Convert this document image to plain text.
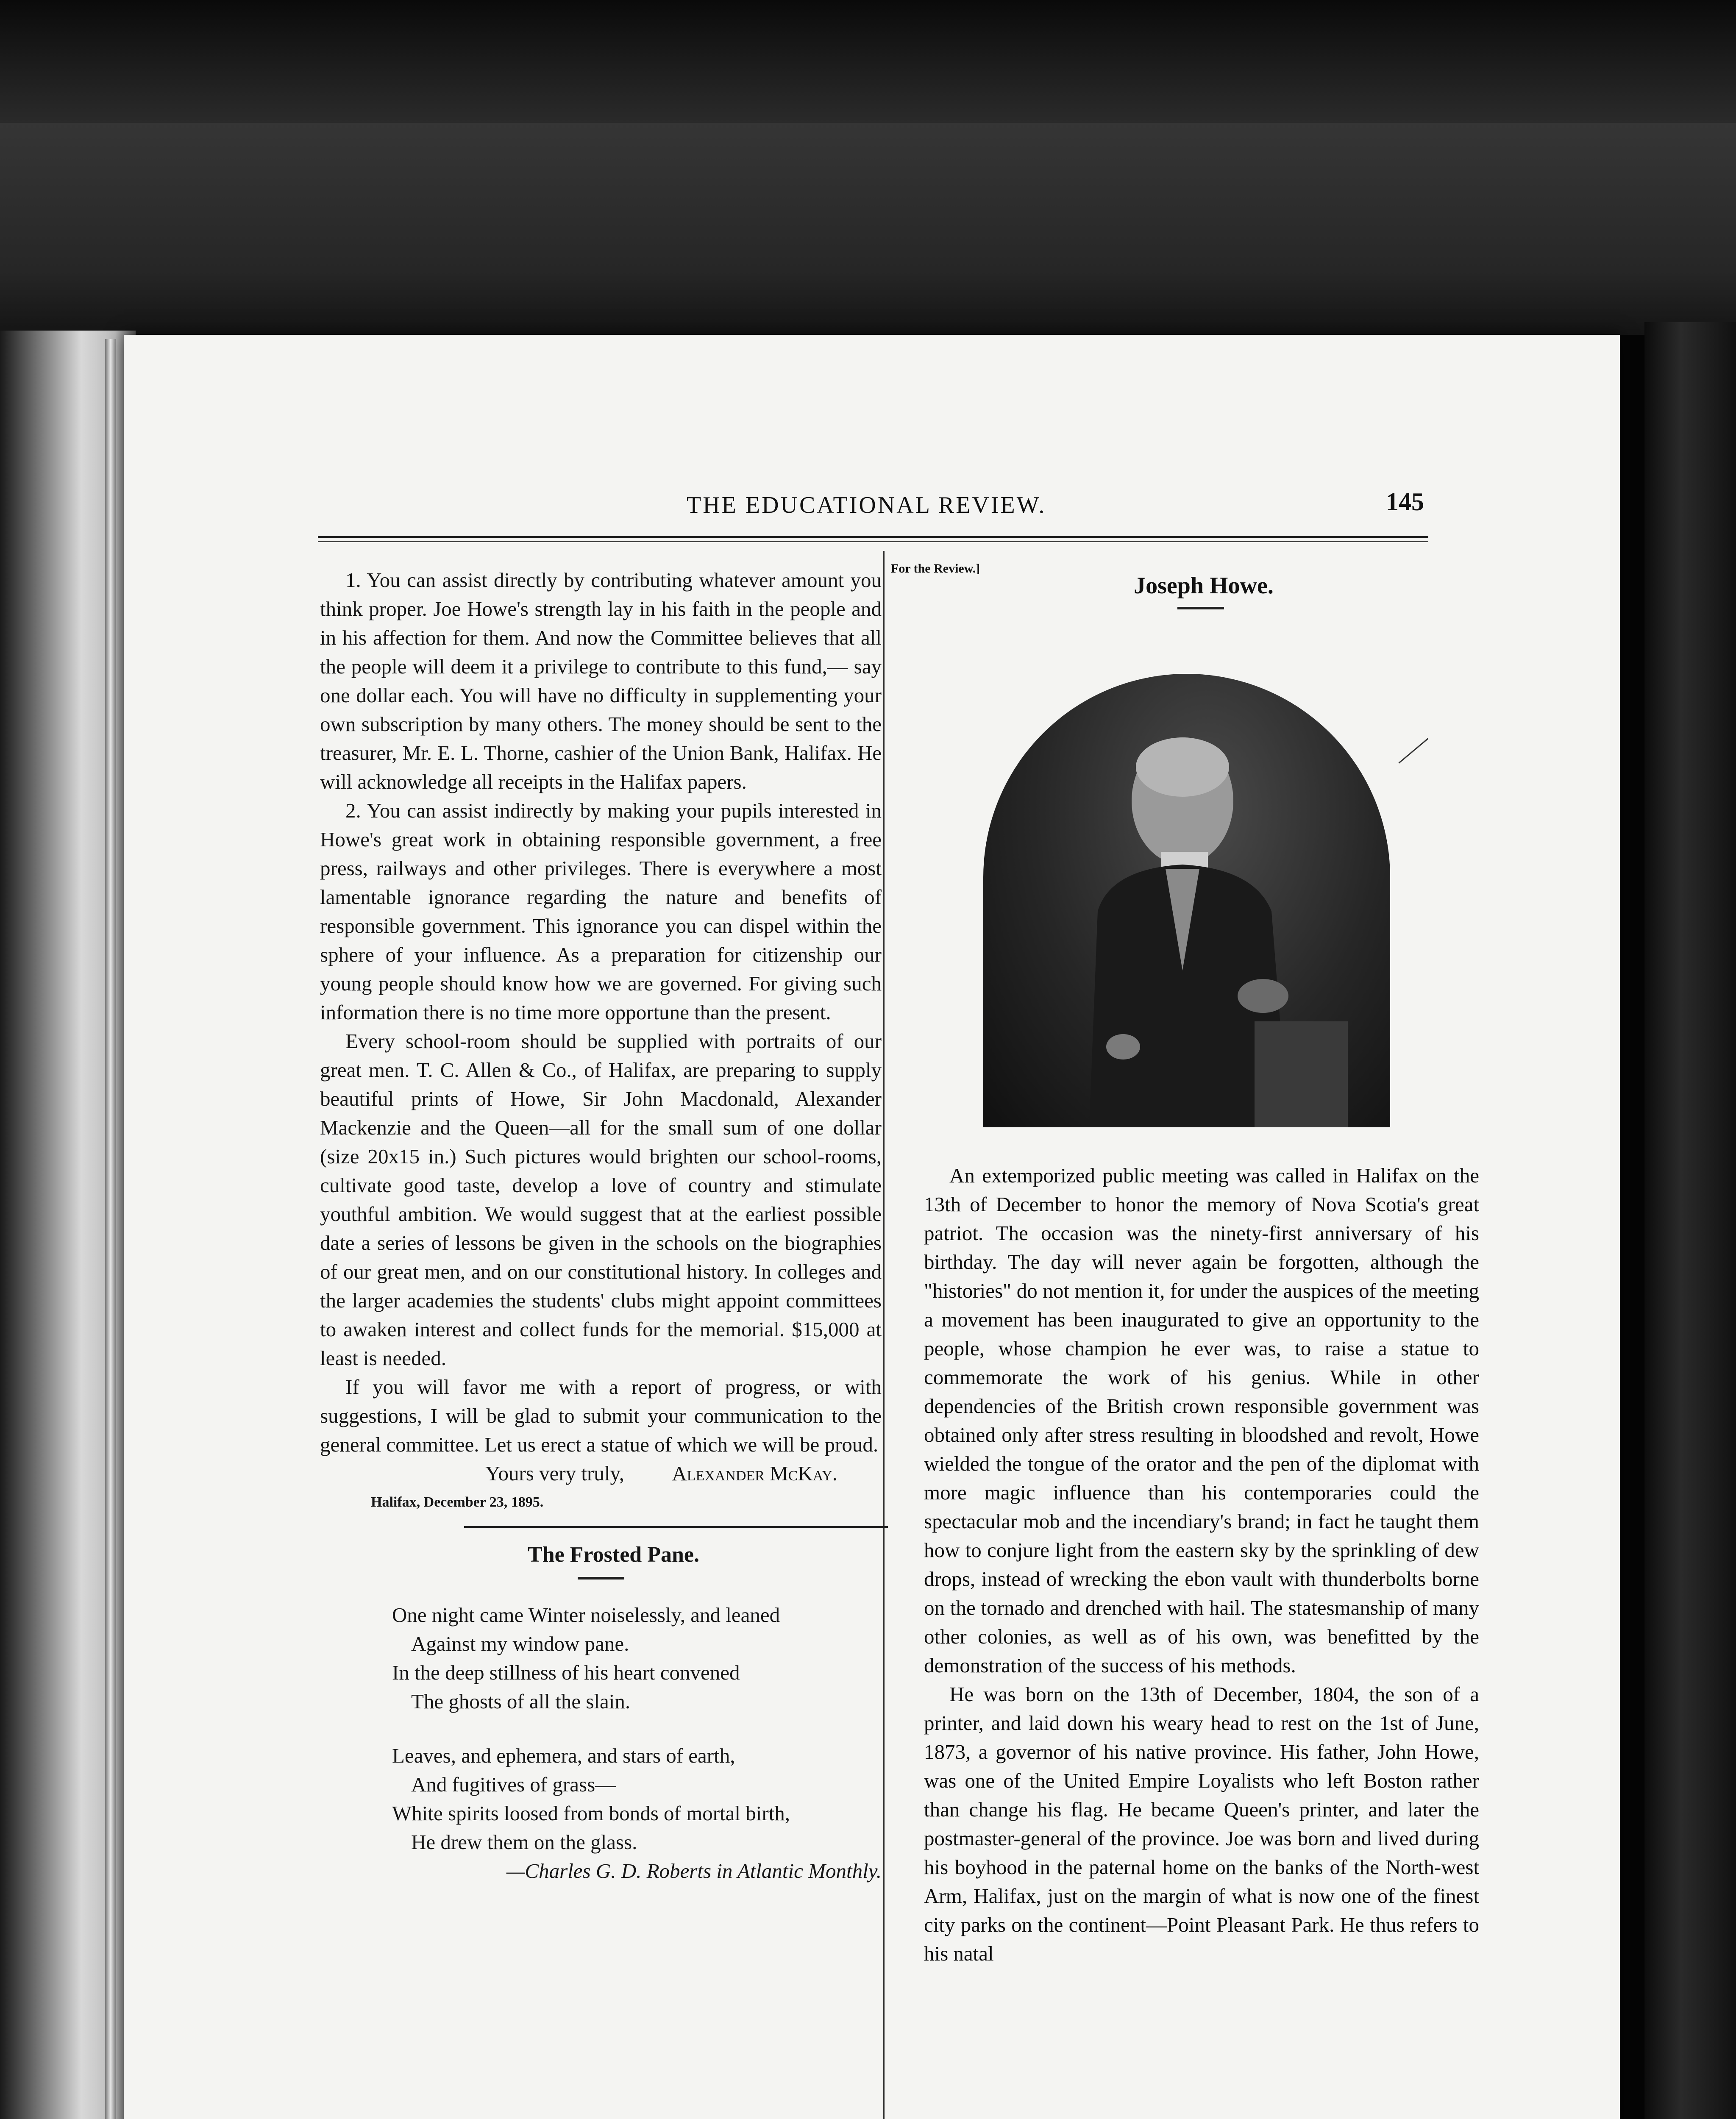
THE EDUCATIONAL REVIEW.	145

1. You can assist directly by contributing whatever amount you think proper. Joe Howe's strength lay in his faith in the people and in his affection for them. And now the Committee believes that all the people will deem it a privilege to contribute to this fund,— say one dollar each. You will have no difficulty in supplementing your own subscription by many others. The money should be sent to the treasurer, Mr. E. L. Thorne, cashier of the Union Bank, Halifax. He will acknowledge all receipts in the Halifax papers.

2. You can assist indirectly by making your pupils interested in Howe's great work in obtaining responsible government, a free press, railways and other privileges. There is everywhere a most lamentable ignorance regarding the nature and benefits of responsible government. This ignorance you can dispel within the sphere of your influence. As a preparation for citizenship our young people should know how we are governed. For giving such information there is no time more opportune than the present.

Every school-room should be supplied with portraits of our great men. T. C. Allen & Co., of Halifax, are preparing to supply beautiful prints of Howe, Sir John Macdonald, Alexander Mackenzie and the Queen—all for the small sum of one dollar (size 20x15 in.) Such pictures would brighten our school-rooms, cultivate good taste, develop a love of country and stimulate youthful ambition. We would suggest that at the earliest possible date a series of lessons be given in the schools on the biographies of our great men, and on our constitutional history. In colleges and the larger academies the students' clubs might appoint committees to awaken interest and collect funds for the memorial. $15,000 at least is needed.

If you will favor me with a report of progress, or with suggestions, I will be glad to submit your communication to the general committee. Let us erect a statue of which we will be proud.

Yours very truly, Alexander McKay.

Halifax, December 23, 1895.

The Frosted Pane.

One night came Winter noiselessly, and leaned

Against my window pane.

In the deep stillness of his heart convened

The ghosts of all the slain.

Leaves, and ephemera, and stars of earth,

And fugitives of grass—

White spirits loosed from bonds of mortal birth,

He drew them on the glass.

—Charles G. D. Roberts in Atlantic Monthly.

For the Review.]
Joseph Howe.

An extemporized public meeting was called in Halifax on the 13th of December to honor the memory of Nova Scotia's great patriot. The occasion was the ninety-first anniversary of his birthday. The day will never again be forgotten, although the "histories" do not mention it, for under the auspices of the meeting a movement has been inaugurated to give an opportunity to the people, whose champion he ever was, to raise a statue to commemorate the work of his genius. While in other dependencies of the British crown responsible government was obtained only after stress resulting in bloodshed and revolt, Howe wielded the tongue of the orator and the pen of the diplomat with more magic influence than his contemporaries could the spectacular mob and the incendiary's brand; in fact he taught them how to conjure light from the eastern sky by the sprinkling of dew drops, instead of wrecking the ebon vault with thunderbolts borne on the tornado and drenched with hail. The statesmanship of many other colonies, as well as of his own, was benefitted by the demonstration of the success of his methods.

He was born on the 13th of December, 1804, the son of a printer, and laid down his weary head to rest on the 1st of June, 1873, a governor of his native province. His father, John Howe, was one of the United Empire Loyalists who left Boston rather than change his flag. He became Queen's printer, and later the postmaster-general of the province. Joe was born and lived during his boyhood in the paternal home on the banks of the North-west Arm, Halifax, just on the margin of what is now one of the finest city parks on the continent—Point Pleasant Park. He thus refers to his natal
